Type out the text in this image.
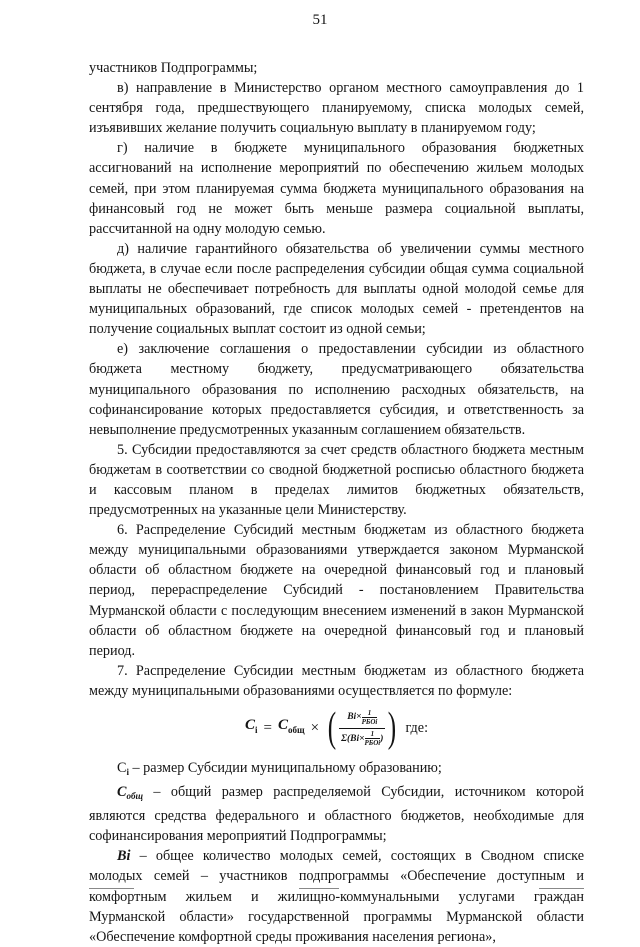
51

участников Подпрограммы;

в) направление в Министерство органом местного самоуправления до 1 сентября года, предшествующего планируемому, списка молодых семей, изъявивших желание получить социальную выплату в планируемом году;

г) наличие в бюджете муниципального образования бюджетных ассигнований на исполнение мероприятий по обеспечению жильем молодых семей, при этом планируемая сумма бюджета муниципального образования на финансовый год не может быть меньше размера социальной выплаты, рассчитанной на одну молодую семью.

д) наличие гарантийного обязательства об увеличении суммы местного бюджета, в случае если после распределения субсидии общая сумма социальной выплаты не обеспечивает потребность для выплаты одной молодой семье для муниципальных образований, где список молодых семей - претендентов на получение социальных выплат состоит из одной семьи;

е) заключение соглашения о предоставлении субсидии из областного бюджета местному бюджету, предусматривающего обязательства муниципального образования по исполнению расходных обязательств, на софинансирование которых предоставляется субсидия, и ответственность за невыполнение предусмотренных указанным соглашением обязательств.

5. Субсидии предоставляются за счет средств областного бюджета местным бюджетам в соответствии со сводной бюджетной росписью областного бюджета и кассовым планом в пределах лимитов бюджетных обязательств, предусмотренных на указанные цели Министерству.

6. Распределение Субсидий местным бюджетам из областного бюджета между муниципальными образованиями утверждается законом Мурманской области об областном бюджете на очередной финансовый год и плановый период, перераспределение Субсидий - постановлением Правительства Мурманской области с последующим внесением изменений в закон Мурманской области об областном бюджете на очередной финансовый год и плановый период.

7. Распределение Субсидии местным бюджетам из областного бюджета между муниципальными образованиями осуществляется по формуле:

$C_i = C_{общ}$ × ( $\frac{Bi \times \frac{1}{\text{РБОi}}}{\Sigma( Bi \times \frac{1}{\text{РБОi}} )}$ ) где:

$C_i$ – размер Субсидии муниципальному образованию;

$C_{общ}$ – общий размер распределяемой Субсидии, источником которой являются средства федерального и областного бюджетов, необходимые для софинансирования мероприятий Подпрограммы;

Bi – общее количество молодых семей, состоящих в Сводном списке молодых семей – участников подпрограммы «Обеспечение доступным и комфортным жильем и жилищно-коммунальными услугами граждан Мурманской области» государственной программы Мурманской области «Обеспечение комфортной среды проживания населения региона»,
